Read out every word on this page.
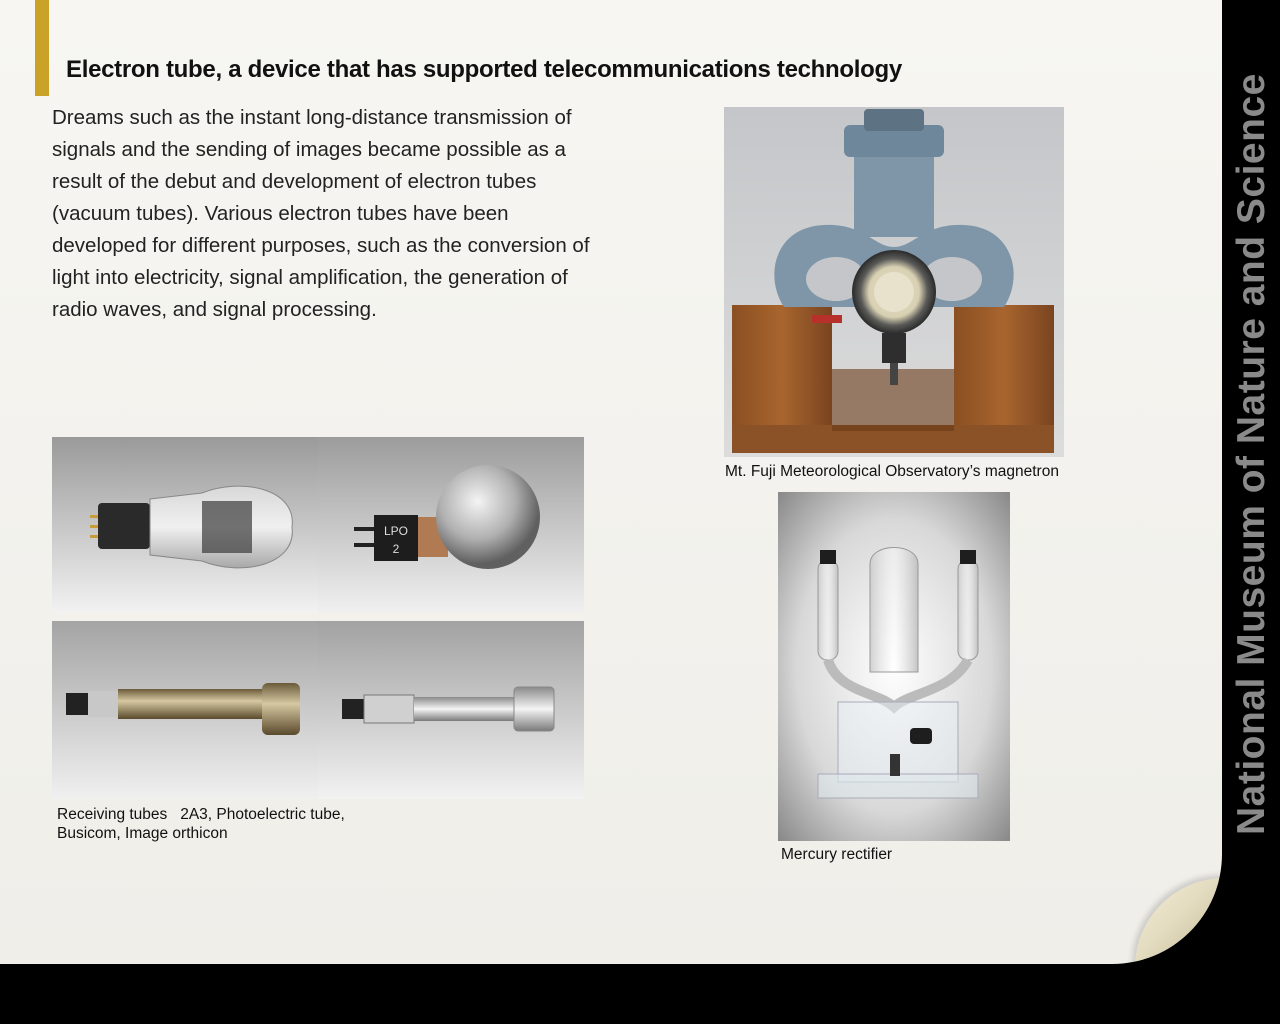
Electron tube, a device that has supported telecommunications technology
Dreams such as the instant long-distance transmission of signals and the sending of images became possible as a result of the debut and development of electron tubes (vacuum tubes). Various electron tubes have been developed for different purposes, such as the conversion of light into electricity, signal amplification, the generation of radio waves, and signal processing.
Mt. Fuji Meteorological Observatory’s magnetron
LPO
2
Receiving tubes   2A3, Photoelectric tube,
Busicom, Image orthicon
Mercury rectifier
National Museum of Nature and Science
